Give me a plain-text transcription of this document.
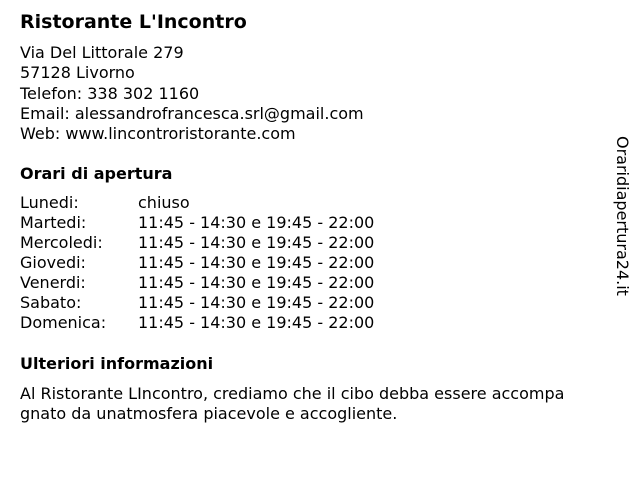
Ristorante L'Incontro
Via Del Littorale 279
57128 Livorno
Telefon: 338 302 1160
Email: alessandrofrancesca.srl@gmail.com
Web: www.lincontroristorante.com
Orari di apertura
Lunedi:	chiuso
Martedi:	11:45 - 14:30 e 19:45 - 22:00
Mercoledi: 11:45 - 14:30 e 19:45 - 22:00
Giovedi:	11:45 - 14:30 e 19:45 - 22:00
Venerdi:	11:45 - 14:30 e 19:45 - 22:00
Sabato:	11:45 - 14:30 e 19:45 - 22:00
Domenica: 11:45 - 14:30 e 19:45 - 22:00
Ulteriori informazioni
Al Ristorante LIncontro, crediamo che il cibo debba essere accompa
gnato da unatmosfera piacevole e accogliente.
Oraridiapertura24.it
